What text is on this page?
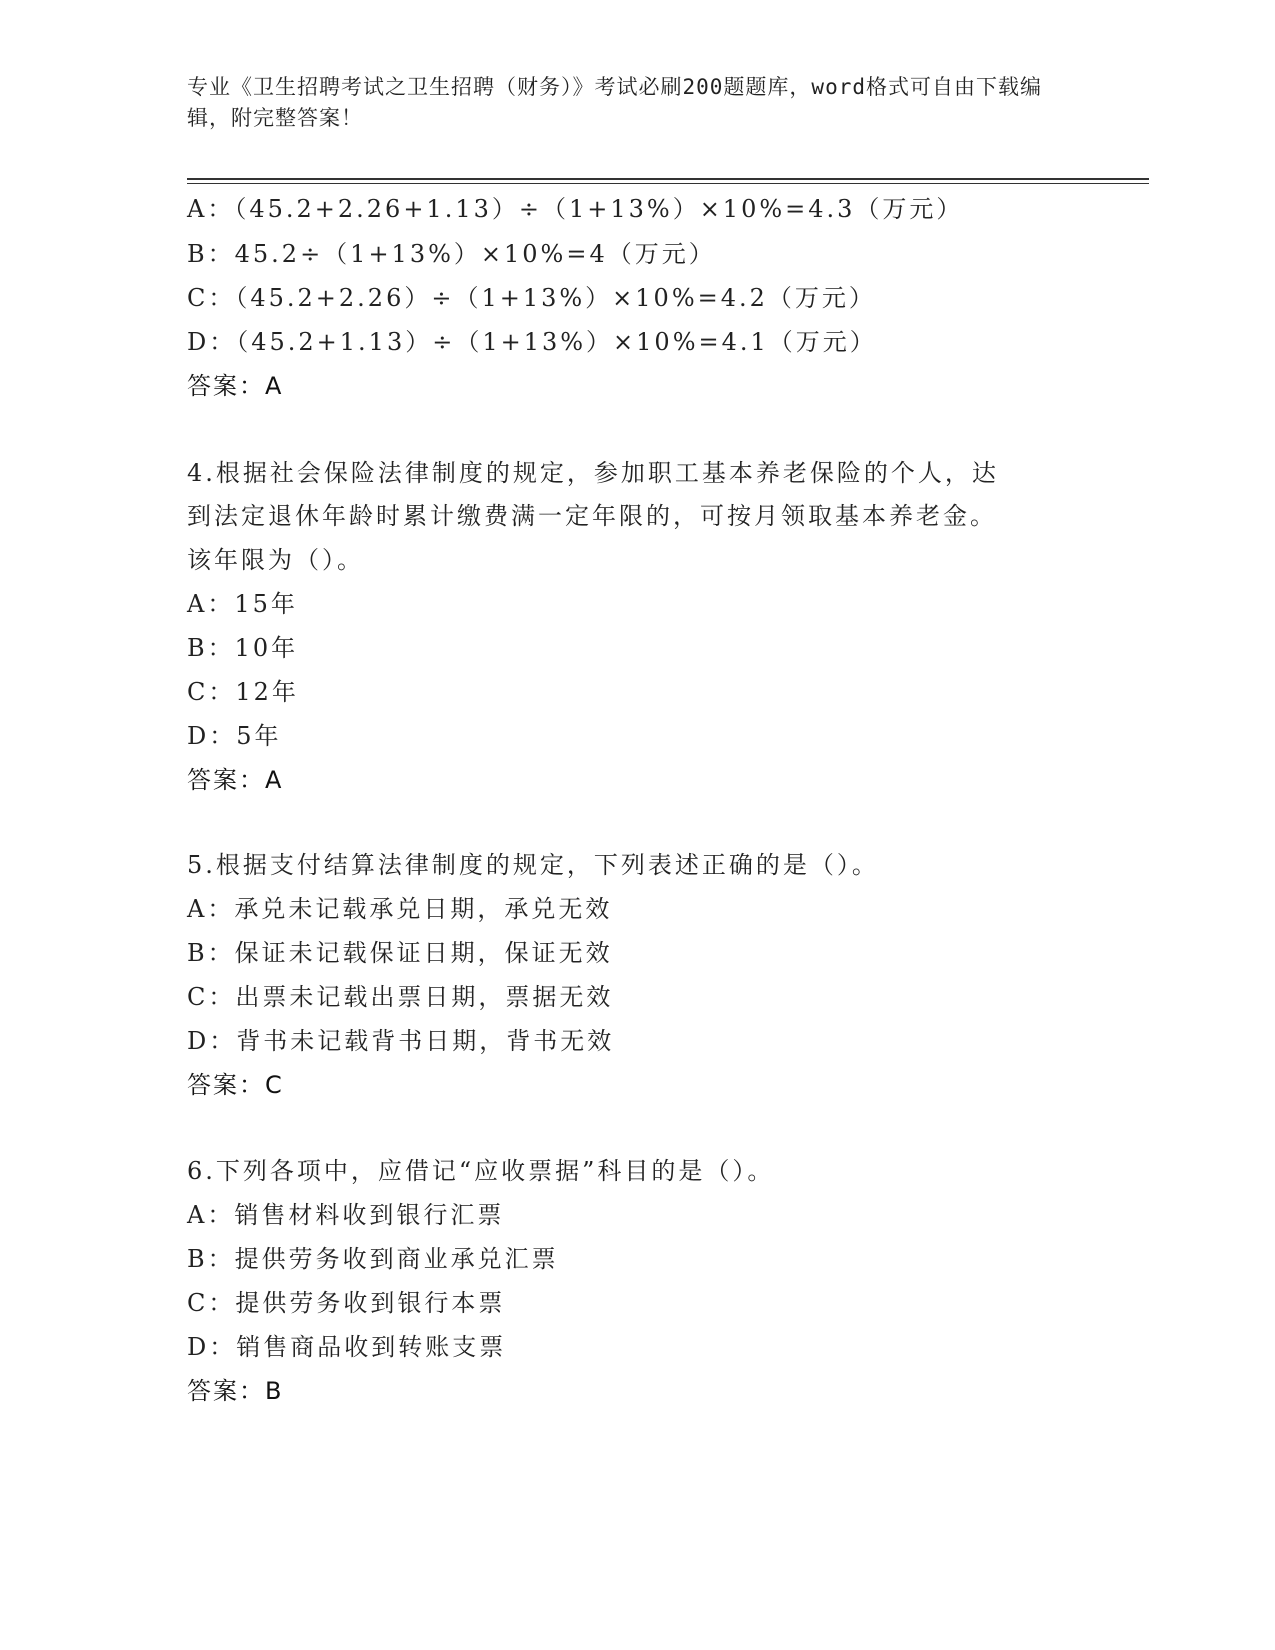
专业《卫生招聘考试之卫生招聘（财务）》考试必刷200题题库，word格式可自由下载编辑，附完整答案！
A：（45.2+2.26+1.13）÷（1+13%）×10%=4.3（万元）
B：45.2÷（1+13%）×10%=4（万元）
C：（45.2+2.26）÷（1+13%）×10%=4.2（万元）
D：（45.2+1.13）÷（1+13%）×10%=4.1（万元）
答案：A
4.根据社会保险法律制度的规定，参加职工基本养老保险的个人，达
到法定退休年龄时累计缴费满一定年限的，可按月领取基本养老金。
该年限为（）。
A：15年
B：10年
C：12年
D：5年
答案：A
5.根据支付结算法律制度的规定，下列表述正确的是（）。
A：承兑未记载承兑日期，承兑无效
B：保证未记载保证日期，保证无效
C：出票未记载出票日期，票据无效
D：背书未记载背书日期，背书无效
答案：C
6.下列各项中，应借记“应收票据”科目的是（）。
A：销售材料收到银行汇票
B：提供劳务收到商业承兑汇票
C：提供劳务收到银行本票
D：销售商品收到转账支票
答案：B
